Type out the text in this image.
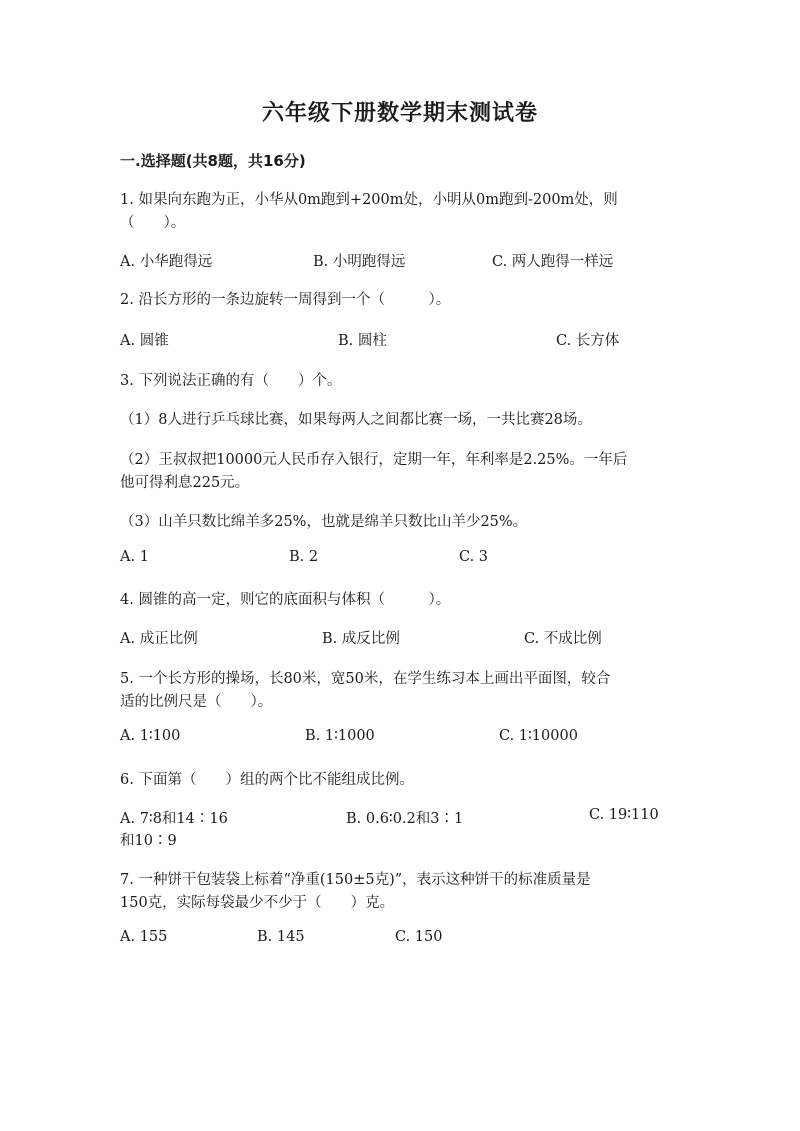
六年级下册数学期末测试卷
一.选择题(共8题，共16分)
1. 如果向东跑为正，小华从0m跑到+200m处，小明从0m跑到-200m处，则
（　　）。
A. 小华跑得远	B. 小明跑得远	C. 两人跑得一样远
2. 沿长方形的一条边旋转一周得到一个（　　　）。
A. 圆锥	B. 圆柱	C. 长方体
3. 下列说法正确的有（　　）个。
（1）8人进行乒乓球比赛，如果每两人之间都比赛一场，一共比赛28场。
（2）王叔叔把10000元人民币存入银行，定期一年，年利率是2.25%。一年后
他可得利息225元。
（3）山羊只数比绵羊多25%，也就是绵羊只数比山羊少25%。
A. 1	B. 2	C. 3
4. 圆锥的高一定，则它的底面积与体积（　　　）。
A. 成正比例	B. 成反比例	C. 不成比例
5. 一个长方形的操场，长80米，宽50米，在学生练习本上画出平面图，较合
适的比例尺是（　　）。
A. 1∶100	B. 1∶1000	C. 1∶10000
6. 下面第（　　）组的两个比不能组成比例。
A. 7∶8和14∶16	B. 0.6∶0.2和3∶1	C. 19∶110
和10∶9
7. 一种饼干包装袋上标着“净重(150±5克)”，表示这种饼干的标准质量是
150克，实际每袋最少不少于（　　）克。
A. 155	B. 145	C. 150
